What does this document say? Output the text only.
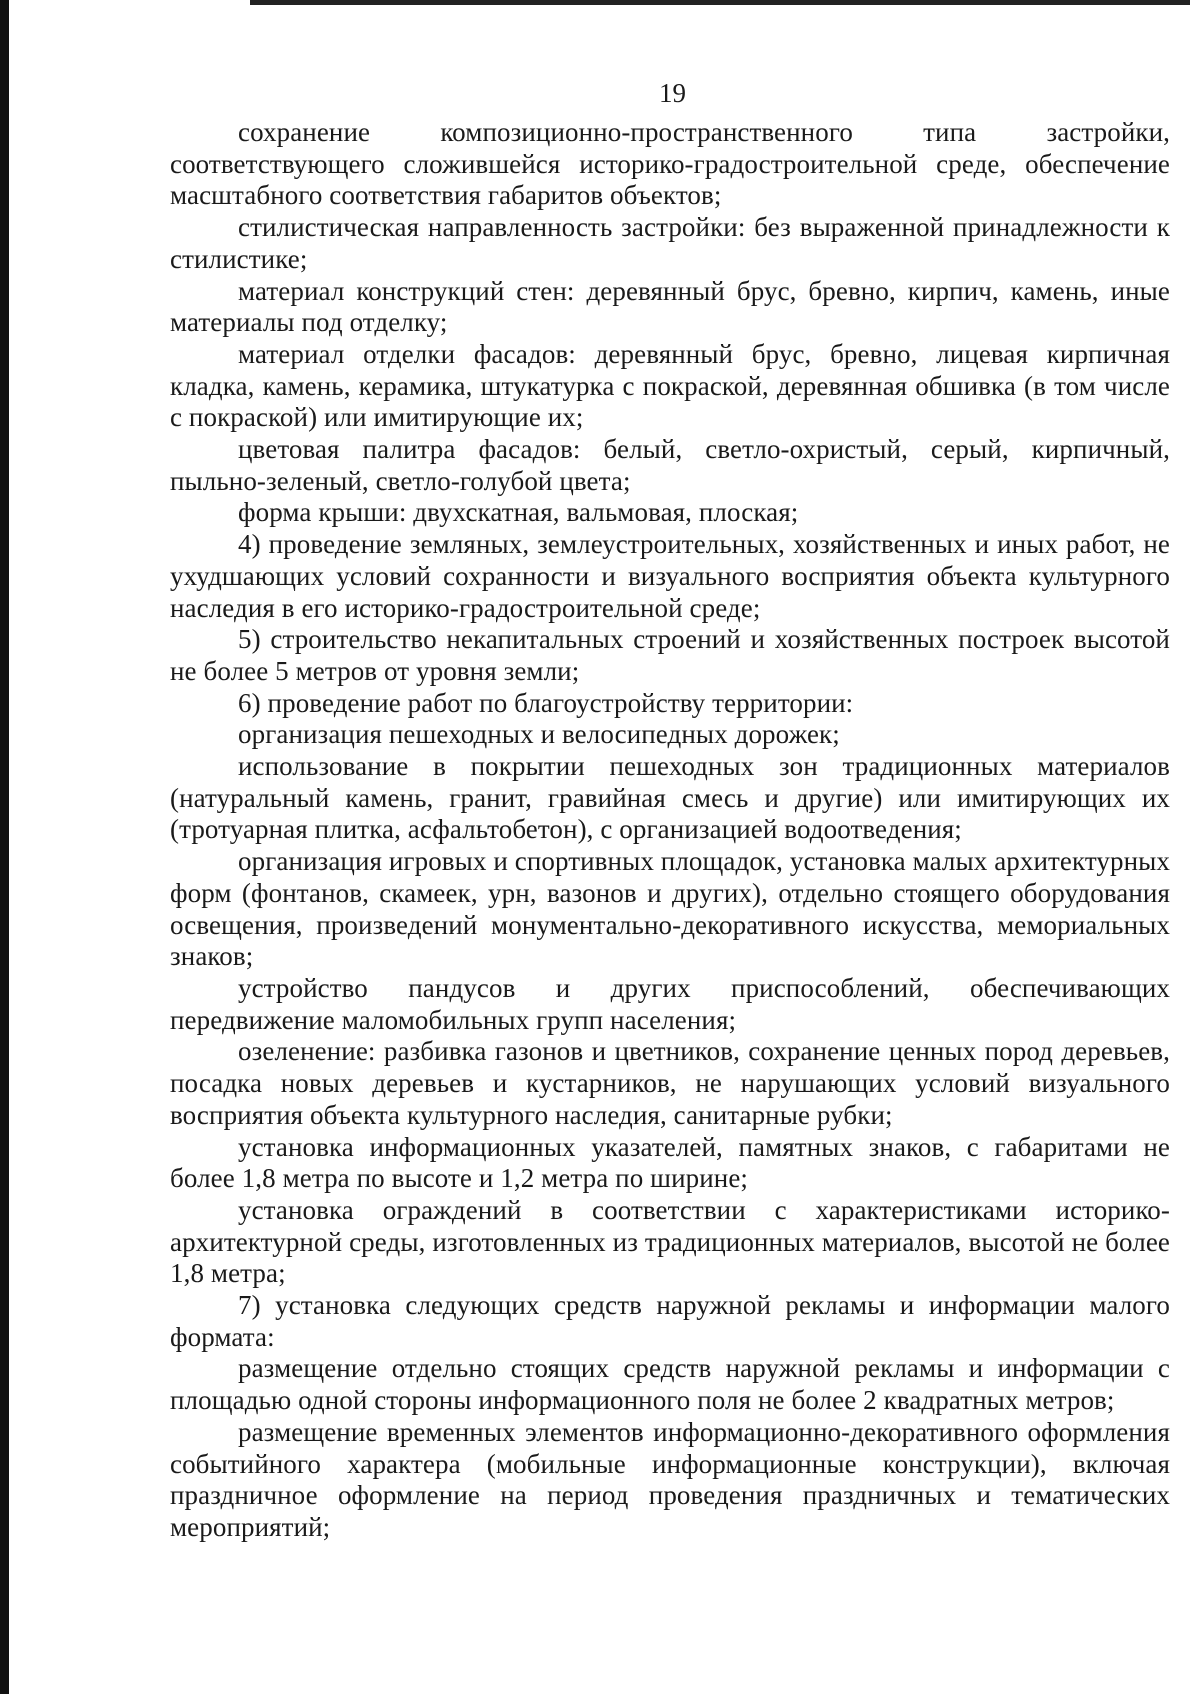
19

сохранение композиционно-пространственного типа застройки, соответствующего сложившейся историко-градостроительной среде, обеспечение масштабного соответствия габаритов объектов;

стилистическая направленность застройки: без выраженной принадлежности к стилистике;

материал конструкций стен: деревянный брус, бревно, кирпич, камень, иные материалы под отделку;

материал отделки фасадов: деревянный брус, бревно, лицевая кирпичная кладка, камень, керамика, штукатурка с покраской, деревянная обшивка (в том числе с покраской) или имитирующие их;

цветовая палитра фасадов: белый, светло-охристый, серый, кирпичный, пыльно-зеленый, светло-голубой цвета;

форма крыши: двухскатная, вальмовая, плоская;

4) проведение земляных, землеустроительных, хозяйственных и иных работ, не ухудшающих условий сохранности и визуального восприятия объекта культурного наследия в его историко-градостроительной среде;

5) строительство некапитальных строений и хозяйственных построек высотой не более 5 метров от уровня земли;

6) проведение работ по благоустройству территории:

организация пешеходных и велосипедных дорожек;

использование в покрытии пешеходных зон традиционных материалов (натуральный камень, гранит, гравийная смесь и другие) или имитирующих их (тротуарная плитка, асфальтобетон), с организацией водоотведения;

организация игровых и спортивных площадок, установка малых архитектурных форм (фонтанов, скамеек, урн, вазонов и других), отдельно стоящего оборудования освещения, произведений монументально-декоративного искусства, мемориальных знаков;

устройство пандусов и других приспособлений, обеспечивающих передвижение маломобильных групп населения;

озеленение: разбивка газонов и цветников, сохранение ценных пород деревьев, посадка новых деревьев и кустарников, не нарушающих условий визуального восприятия объекта культурного наследия, санитарные рубки;

установка информационных указателей, памятных знаков, с габаритами не более 1,8 метра по высоте и 1,2 метра по ширине;

установка ограждений в соответствии с характеристиками историко-архитектурной среды, изготовленных из традиционных материалов, высотой не более 1,8 метра;

7) установка следующих средств наружной рекламы и информации малого формата:

размещение отдельно стоящих средств наружной рекламы и информации с площадью одной стороны информационного поля не более 2 квадратных метров;

размещение временных элементов информационно-декоративного оформления событийного характера (мобильные информационные конструкции), включая праздничное оформление на период проведения праздничных и тематических мероприятий;
